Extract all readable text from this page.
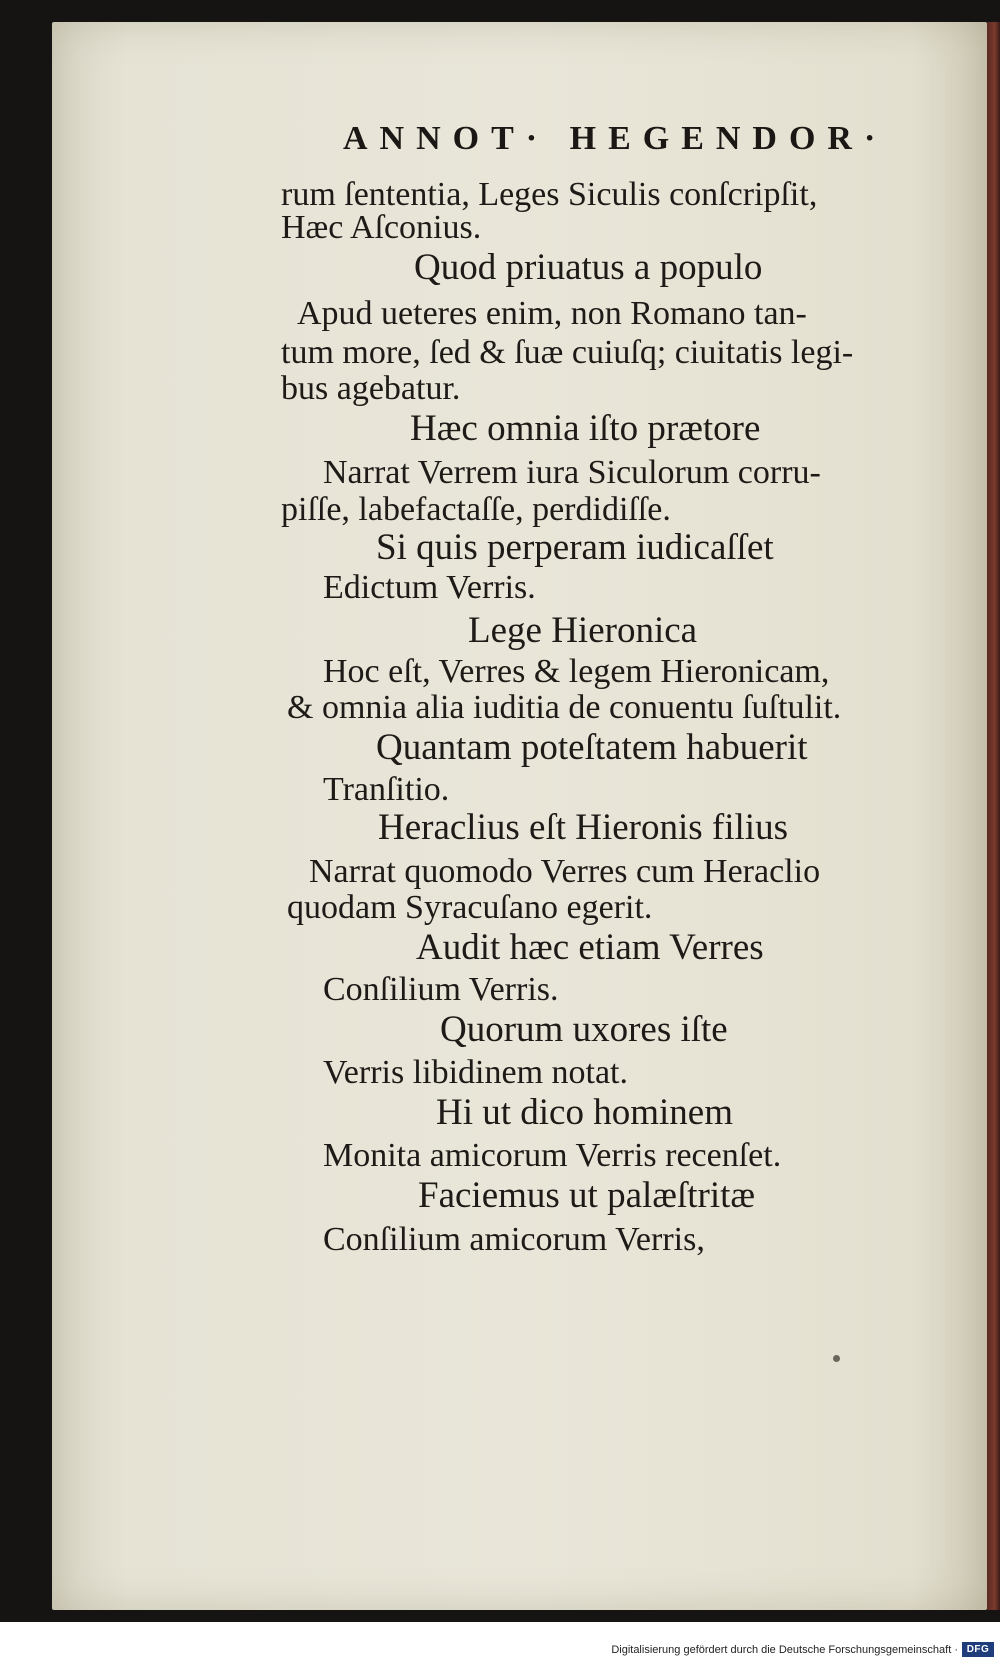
ANNOT· HEGENDOR·
rum ſententia, Leges Siculis conſcripſit,
Hæc Aſconius.
Quod priuatus a populo
Apud ueteres enim, non Romano tan-
tum more, ſed & ſuæ cuiuſq; ciuitatis legi-
bus agebatur.
Hæc omnia iſto prætore
Narrat Verrem iura Siculorum corru-
piſſe, labefactaſſe, perdidiſſe.
Si quis perperam iudicaſſet
Edictum Verris.
Lege Hieronica
Hoc eſt, Verres & legem Hieronicam,
& omnia alia iuditia de conuentu ſuſtulit.
Quantam poteſtatem habuerit
Tranſitio.
Heraclius eſt Hieronis filius
Narrat quomodo Verres cum Heraclio
quodam Syracuſano egerit.
Audit hæc etiam Verres
Conſilium Verris.
Quorum uxores iſte
Verris libidinem notat.
Hi ut dico hominem
Monita amicorum Verris recenſet.
Faciemus ut palæſtritæ
Conſilium amicorum Verris,
Digitalisierung gefördert durch die Deutsche Forschungsgemeinschaft · DFG
